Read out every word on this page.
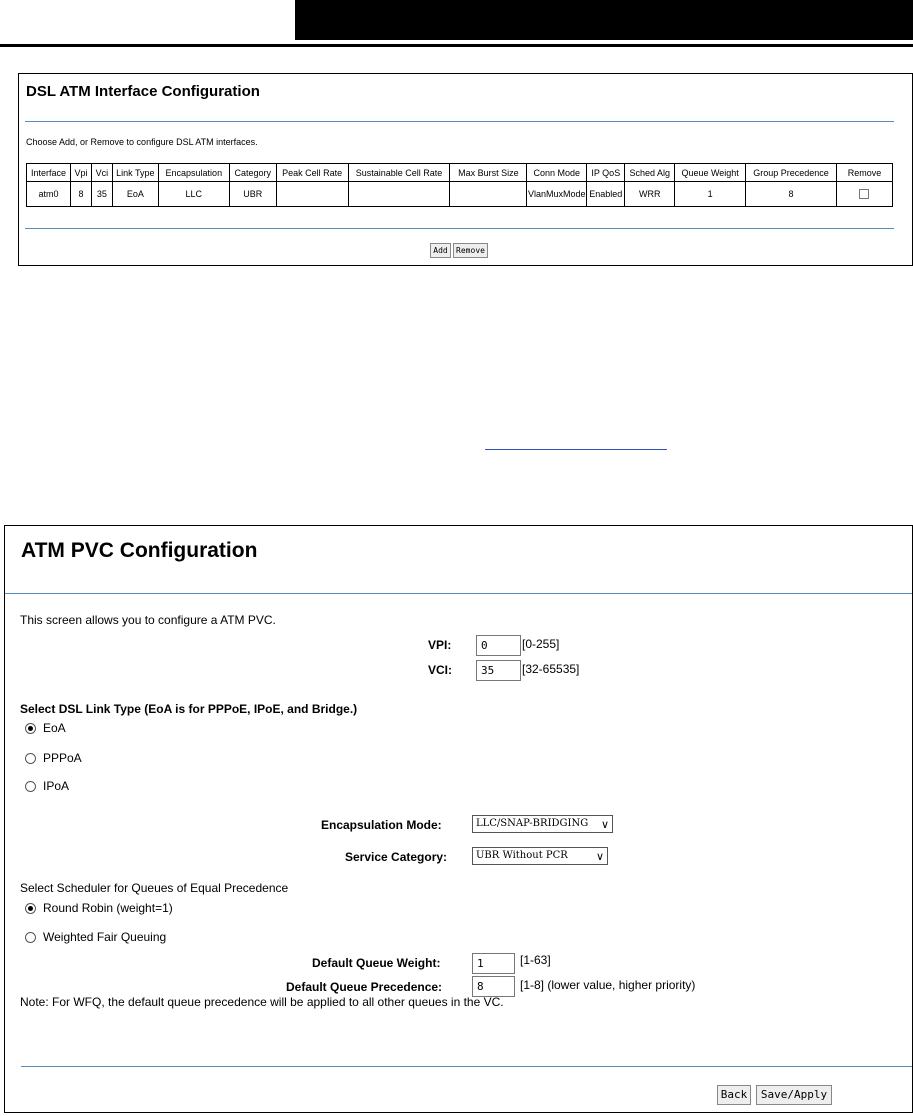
DSL ATM Interface Configuration
Choose Add, or Remove to configure DSL ATM interfaces.
Interface	Vpi	Vci	Link Type	Encapsulation	Category	Peak Cell Rate	Sustainable Cell Rate	Max Burst Size	Conn Mode	IP QoS	Sched Alg	Queue Weight	Group Precedence	Remove
atm0	8	35	EoA	LLC	UBR				VlanMuxMode	Enabled	WRR	1	8	
Add	Remove
ATM PVC Configuration
This screen allows you to configure a ATM PVC.
VPI:	0	[0-255]
VCI:	35	[32-65535]
Select DSL Link Type (EoA is for PPPoE, IPoE, and Bridge.)
EoA
PPPoA
IPoA
Encapsulation Mode:	LLC/SNAP-BRIDGING ∨
Service Category:	UBR Without PCR	∨
Select Scheduler for Queues of Equal Precedence
Round Robin (weight=1)
Weighted Fair Queuing
Default Queue Weight:	1	[1-63]
Default Queue Precedence:	8	[1-8] (lower value, higher priority)
Note: For WFQ, the default queue precedence will be applied to all other queues in the VC.
Back	Save/Apply
